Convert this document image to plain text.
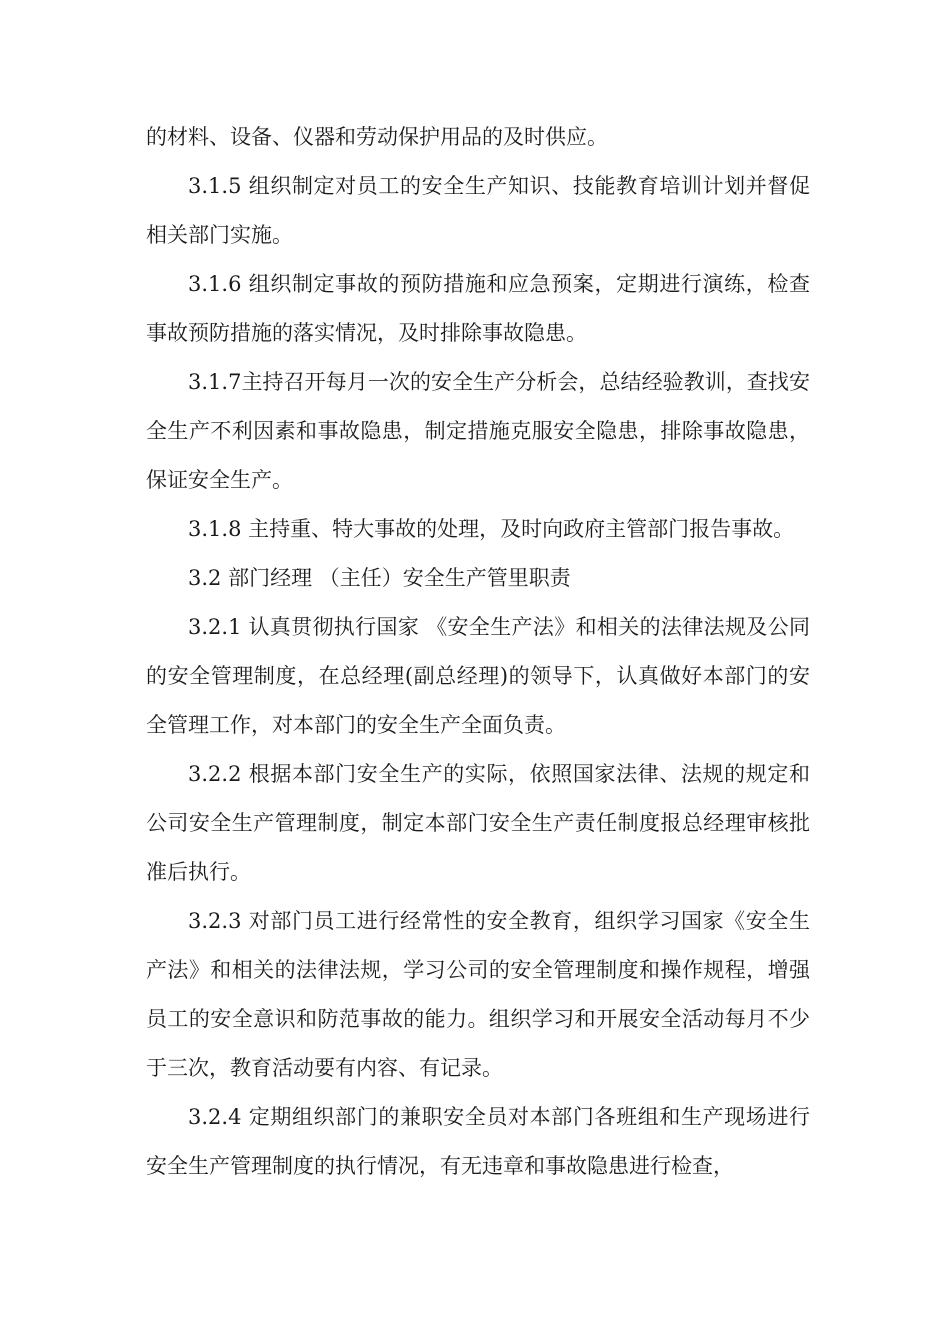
的材料、设备、仪器和劳动保护用品的及时供应。

3.1.5 组织制定对员工的安全生产知识、技能教育培训计划并督促相关部门实施。

3.1.6 组织制定事故的预防措施和应急预案，定期进行演练，检查事故预防措施的落实情况，及时排除事故隐患。

3.1.7主持召开每月一次的安全生产分析会，总结经验教训，查找安全生产不利因素和事故隐患，制定措施克服安全隐患，排除事故隐患，保证安全生产。

3.1.8 主持重、特大事故的处理，及时向政府主管部门报告事故。

3.2 部门经理 （主任）安全生产管里职责

3.2.1 认真贯彻执行国家 《安全生产法》和相关的法律法规及公同的安全管理制度，在总经理(副总经理)的领导下，认真做好本部门的安全管理工作，对本部门的安全生产全面负责。

3.2.2 根据本部门安全生产的实际，依照国家法律、法规的规定和公司安全生产管理制度，制定本部门安全生产责任制度报总经理审核批准后执行。

3.2.3 对部门员工进行经常性的安全教育，组织学习国家《安全生产法》和相关的法律法规，学习公司的安全管理制度和操作规程，增强员工的安全意识和防范事故的能力。组织学习和开展安全活动每月不少于三次，教育活动要有内容、有记录。

3.2.4 定期组织部门的兼职安全员对本部门各班组和生产现场进行安全生产管理制度的执行情况，有无违章和事故隐患进行检查，
